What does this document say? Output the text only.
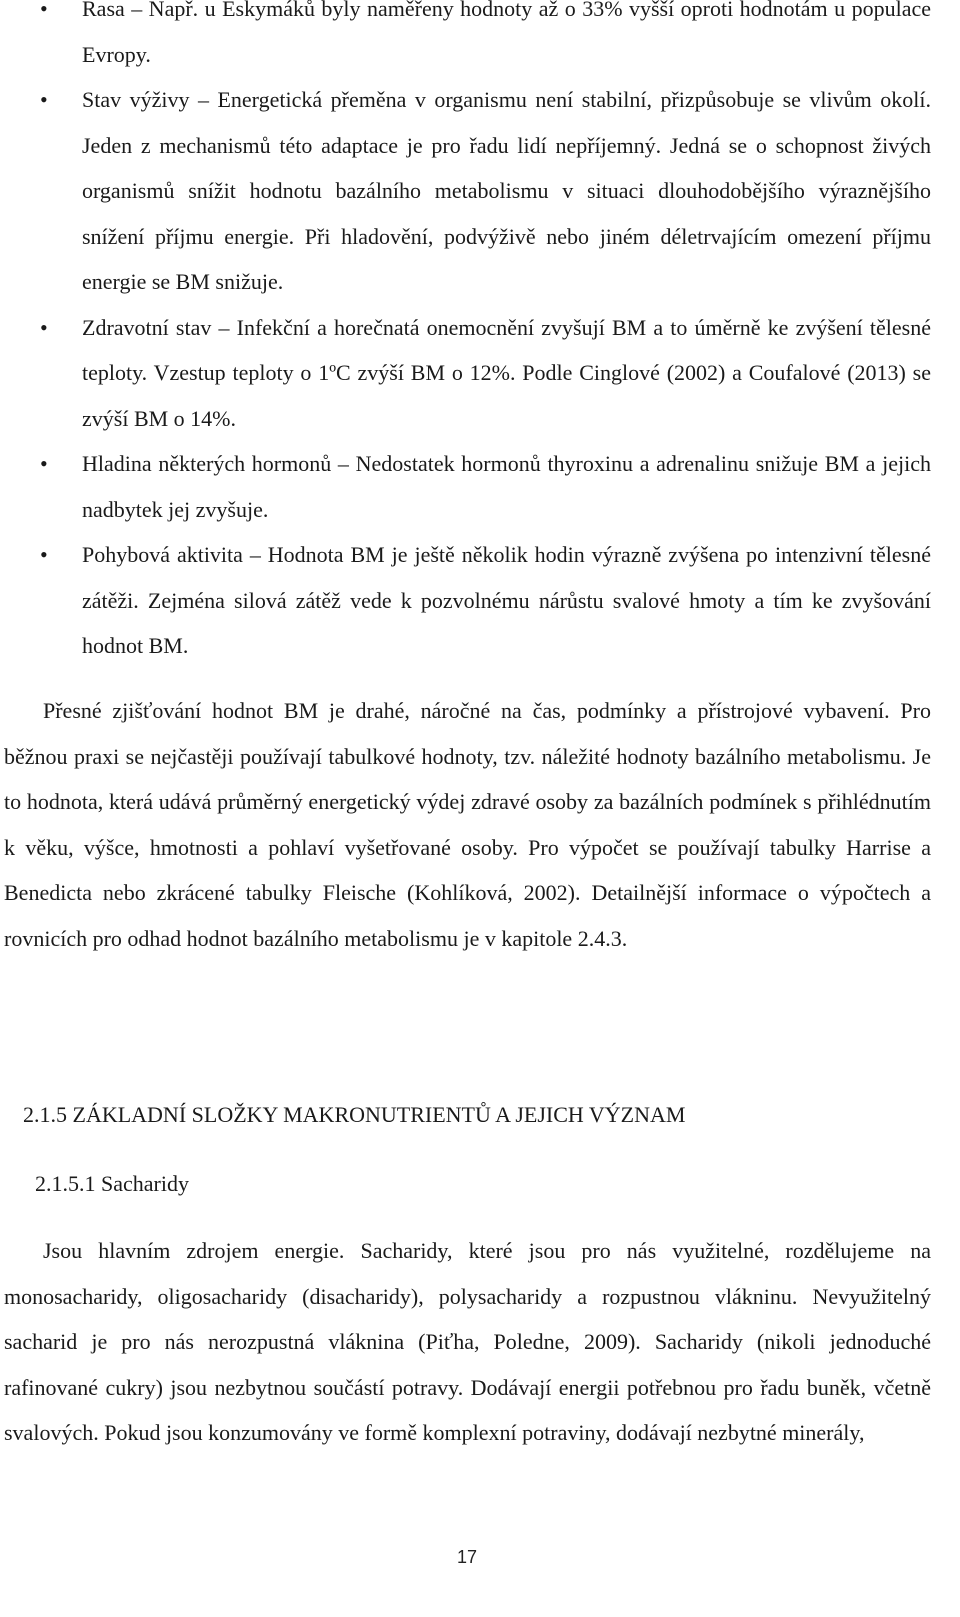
• Rasa – Např. u Eskymáků byly naměřeny hodnoty až o 33% vyšší oproti hodnotám u populace Evropy.
• Stav výživy – Energetická přeměna v organismu není stabilní, přizpůsobuje se vlivům okolí. Jeden z mechanismů této adaptace je pro řadu lidí nepříjemný. Jedná se o schopnost živých organismů snížit hodnotu bazálního metabolismu v situaci dlouhodobějšího výraznějšího snížení příjmu energie. Při hladovění, podvýživě nebo jiném déletrvajícím omezení příjmu energie se BM snižuje.
• Zdravotní stav – Infekční a horečnatá onemocnění zvyšují BM a to úměrně ke zvýšení tělesné teploty. Vzestup teploty o 1ºC zvýší BM o 12%. Podle Cinglové (2002) a Coufalové (2013) se zvýší BM o 14%.
• Hladina některých hormonů – Nedostatek hormonů thyroxinu a adrenalinu snižuje BM a jejich nadbytek jej zvyšuje.
• Pohybová aktivita – Hodnota BM je ještě několik hodin výrazně zvýšena po intenzivní tělesné zátěži. Zejména silová zátěž vede k pozvolnému nárůstu svalové hmoty a tím ke zvyšování hodnot BM.

Přesné zjišťování hodnot BM je drahé, náročné na čas, podmínky a přístrojové vybavení. Pro běžnou praxi se nejčastěji používají tabulkové hodnoty, tzv. náležité hodnoty bazálního metabolismu. Je to hodnota, která udává průměrný energetický výdej zdravé osoby za bazálních podmínek s přihlédnutím k věku, výšce, hmotnosti a pohlaví vyšetřované osoby. Pro výpočet se používají tabulky Harrise a Benedicta nebo zkrácené tabulky Fleische (Kohlíková, 2002). Detailnější informace o výpočtech a rovnicích pro odhad hodnot bazálního metabolismu je v kapitole 2.4.3.

2.1.5 ZÁKLADNÍ SLOŽKY MAKRONUTRIENTŮ A JEJICH VÝZNAM
2.1.5.1 Sacharidy

Jsou hlavním zdrojem energie. Sacharidy, které jsou pro nás využitelné, rozdělujeme na monosacharidy, oligosacharidy (disacharidy), polysacharidy a rozpustnou vlákninu. Nevyužitelný sacharid je pro nás nerozpustná vláknina (Piťha, Poledne, 2009). Sacharidy (nikoli jednoduché rafinované cukry) jsou nezbytnou součástí potravy. Dodávají energii potřebnou pro řadu buněk, včetně svalových. Pokud jsou konzumovány ve formě komplexní potraviny, dodávají nezbytné minerály,

17
